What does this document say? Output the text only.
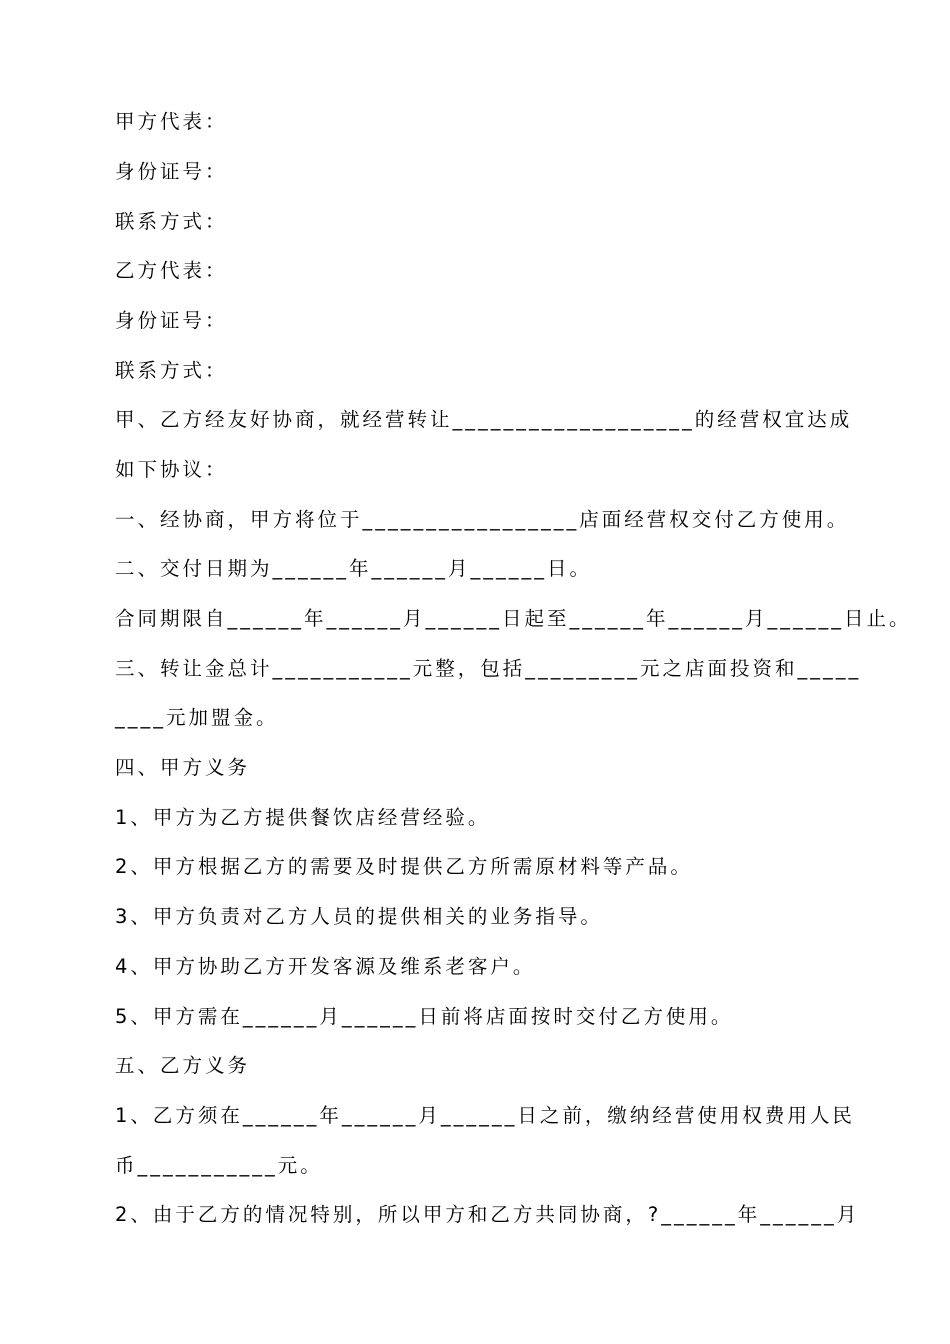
甲方代表：
身份证号：
联系方式：
乙方代表：
身份证号：
联系方式：
甲、乙方经友好协商，就经营转让___________________的经营权宜达成
如下协议：
一、经协商，甲方将位于_________________店面经营权交付乙方使用。
二、交付日期为______年______月______日。
合同期限自______年______月______日起至______年______月______日止。
三、转让金总计___________元整，包括_________元之店面投资和_____
____元加盟金。
四、甲方义务
1、甲方为乙方提供餐饮店经营经验。
2、甲方根据乙方的需要及时提供乙方所需原材料等产品。
3、甲方负责对乙方人员的提供相关的业务指导。
4、甲方协助乙方开发客源及维系老客户。
5、甲方需在______月______日前将店面按时交付乙方使用。
五、乙方义务
1、乙方须在______年______月______日之前，缴纳经营使用权费用人民
币___________元。
2、由于乙方的情况特别，所以甲方和乙方共同协商，?______年______月
